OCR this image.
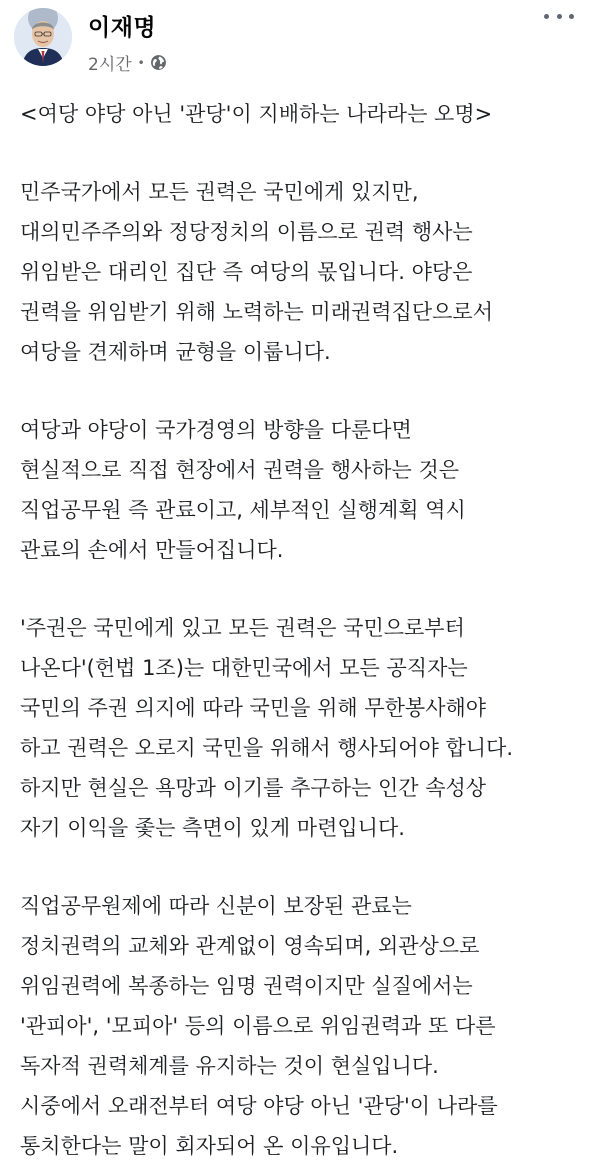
이재명
2시간 •
<여당 야당 아닌 '관당'이 지배하는 나라라는 오명>
민주국가에서 모든 권력은 국민에게 있지만,
대의민주주의와 정당정치의 이름으로 권력 행사는
위임받은 대리인 집단 즉 여당의 몫입니다. 야당은
권력을 위임받기 위해 노력하는 미래권력집단으로서
여당을 견제하며 균형을 이룹니다.
여당과 야당이 국가경영의 방향을 다룬다면
현실적으로 직접 현장에서 권력을 행사하는 것은
직업공무원 즉 관료이고, 세부적인 실행계획 역시
관료의 손에서 만들어집니다.
'주권은 국민에게 있고 모든 권력은 국민으로부터
나온다'(헌법 1조)는 대한민국에서 모든 공직자는
국민의 주권 의지에 따라 국민을 위해 무한봉사해야
하고 권력은 오로지 국민을 위해서 행사되어야 합니다.
하지만 현실은 욕망과 이기를 추구하는 인간 속성상
자기 이익을 좇는 측면이 있게 마련입니다.
직업공무원제에 따라 신분이 보장된 관료는
정치권력의 교체와 관계없이 영속되며, 외관상으로
위임권력에 복종하는 임명 권력이지만 실질에서는
'관피아', '모피아' 등의 이름으로 위임권력과 또 다른
독자적 권력체계를 유지하는 것이 현실입니다.
시중에서 오래전부터 여당 야당 아닌 '관당'이 나라를
통치한다는 말이 회자되어 온 이유입니다.
